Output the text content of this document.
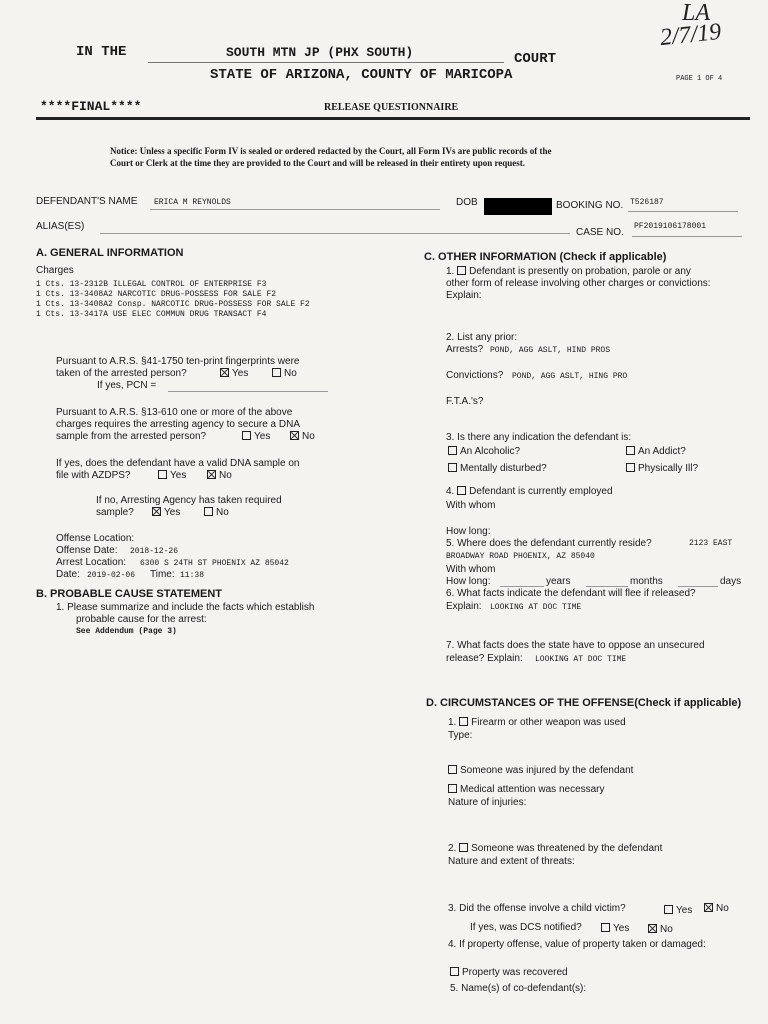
LA
2/7/19
IN THE	SOUTH MTN JP (PHX SOUTH)	COURT
STATE OF ARIZONA, COUNTY OF MARICOPA	PAGE 1 OF 4
****FINAL****	RELEASE QUESTIONNAIRE
Notice: Unless a specific Form IV is sealed or ordered redacted by the Court, all Form IVs are public records of the
Court or Clerk at the time they are provided to the Court and will be released in their entirety upon request.
DEFENDANT'S NAME ERICA M REYNOLDS	DOB	BOOKING NO. T526187
ALIAS(ES)
CASE NO.
PF2019106178001
A. GENERAL INFORMATION
Charges
1 Cts. 13-2312B ILLEGAL CONTROL OF ENTERPRISE F3
1 Cts. 13-3408A2 NARCOTIC DRUG-POSSESS FOR SALE F2
1 Cts. 13-3408A2 Consp. NARCOTIC DRUG-POSSESS FOR SALE F2
1 Cts. 13-3417A USE ELEC COMMUN DRUG TRANSACT F4
Pursuant to A.R.S. §41-1750 ten-print fingerprints were
taken of the arrested person?	Yes	No
If yes, PCN =
Pursuant to A.R.S. §13-610 one or more of the above
charges requires the arresting agency to secure a DNA
sample from the arrested person?	Yes	No
If yes, does the defendant have a valid DNA sample on
file with AZDPS?	Yes	No
If no, Arresting Agency has taken required
sample?	Yes	No
Offense Location:
Offense Date: 2018-12-26
Arrest Location: 6300 S 24TH ST PHOENIX AZ 85042
Date: 2019-02-06 Time: 11:38
B. PROBABLE CAUSE STATEMENT
1. Please summarize and include the facts which establish
probable cause for the arrest:
See Addendum (Page 3)
C. OTHER INFORMATION (Check if applicable)
1. Defendant is presently on probation, parole or any
other form of release involving other charges or convictions:
Explain:
2. List any prior:
Arrests? POND, AGG ASLT, HIND PROS
Convictions? POND, AGG ASLT, HING PRO
F.T.A.'s?
3. Is there any indication the defendant is:
An Alcoholic?	An Addict?
Mentally disturbed?	Physically Ill?
4. Defendant is currently employed
With whom
How long:
5. Where does the defendant currently reside?	2123 EAST
BROADWAY ROAD PHOENIX, AZ 85040
With whom
How long:	years	months	days
6. What facts indicate the defendant will flee if released?
Explain: LOOKING AT DOC TIME
7. What facts does the state have to oppose an unsecured
release? Explain: LOOKING AT DOC TIME
D. CIRCUMSTANCES OF THE OFFENSE(Check if applicable)
1. Firearm or other weapon was used
Type:
Someone was injured by the defendant
Medical attention was necessary
Nature of injuries:
2. Someone was threatened by the defendant
Nature and extent of threats:
3. Did the offense involve a child victim?	Yes	No
If yes, was DCS notified?	Yes	No
4. If property offense, value of property taken or damaged:
Property was recovered
5. Name(s) of co-defendant(s):
